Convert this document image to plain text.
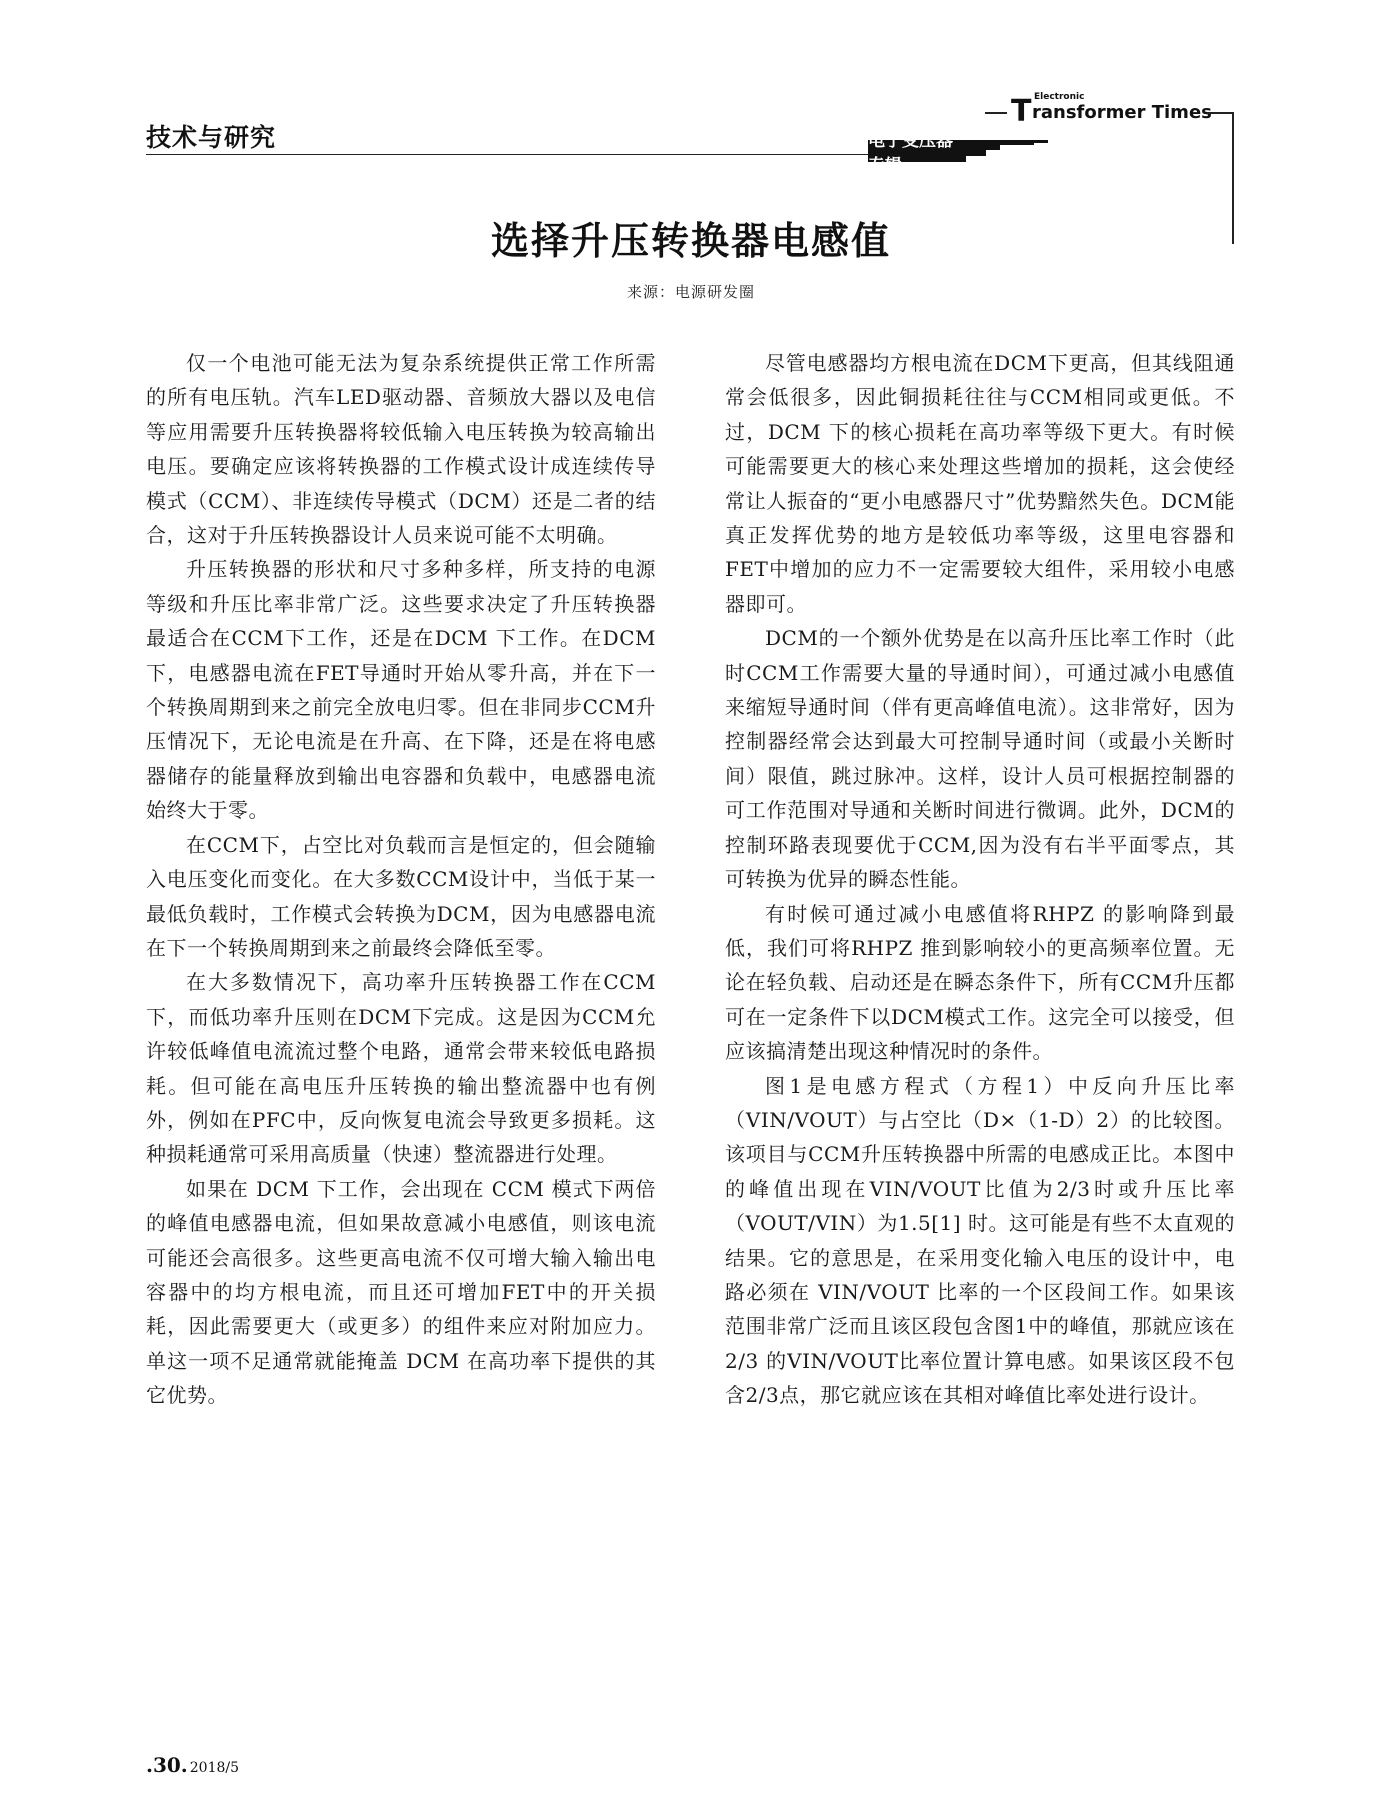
技术与研究
T Electronic
ransformer Times
电子变压器专辑
选择升压转换器电感值
来源：电源研发圈

仅一个电池可能无法为复杂系统提供正常工作所需的所有电压轨。汽车LED驱动器、音频放大器以及电信等应用需要升压转换器将较低输入电压转换为较高输出电压。要确定应该将转换器的工作模式设计成连续传导模式（CCM）、非连续传导模式（DCM）还是二者的结合，这对于升压转换器设计人员来说可能不太明确。

升压转换器的形状和尺寸多种多样，所支持的电源等级和升压比率非常广泛。这些要求决定了升压转换器最适合在CCM下工作，还是在DCM 下工作。在DCM下，电感器电流在FET导通时开始从零升高，并在下一个转换周期到来之前完全放电归零。但在非同步CCM升压情况下，无论电流是在升高、在下降，还是在将电感器储存的能量释放到输出电容器和负载中，电感器电流始终大于零。

在CCM下，占空比对负载而言是恒定的，但会随输入电压变化而变化。在大多数CCM设计中，当低于某一最低负载时，工作模式会转换为DCM，因为电感器电流在下一个转换周期到来之前最终会降低至零。

在大多数情况下，高功率升压转换器工作在CCM下，而低功率升压则在DCM下完成。这是因为CCM允许较低峰值电流流过整个电路，通常会带来较低电路损耗。但可能在高电压升压转换的输出整流器中也有例外，例如在PFC中，反向恢复电流会导致更多损耗。这种损耗通常可采用高质量（快速）整流器进行处理。

如果在 DCM 下工作，会出现在 CCM 模式下两倍的峰值电感器电流，但如果故意减小电感值，则该电流可能还会高很多。这些更高电流不仅可增大输入输出电容器中的均方根电流，而且还可增加FET中的开关损耗，因此需要更大（或更多）的组件来应对附加应力。单这一项不足通常就能掩盖 DCM 在高功率下提供的其它优势。

尽管电感器均方根电流在DCM下更高，但其线阻通常会低很多，因此铜损耗往往与CCM相同或更低。不过，DCM 下的核心损耗在高功率等级下更大。有时候可能需要更大的核心来处理这些增加的损耗，这会使经常让人振奋的“更小电感器尺寸”优势黯然失色。DCM能真正发挥优势的地方是较低功率等级，这里电容器和FET中增加的应力不一定需要较大组件，采用较小电感器即可。

DCM的一个额外优势是在以高升压比率工作时（此时CCM工作需要大量的导通时间），可通过减小电感值来缩短导通时间（伴有更高峰值电流）。这非常好，因为控制器经常会达到最大可控制导通时间（或最小关断时间）限值，跳过脉冲。这样，设计人员可根据控制器的可工作范围对导通和关断时间进行微调。此外，DCM的控制环路表现要优于CCM,因为没有右半平面零点，其可转换为优异的瞬态性能。

有时候可通过减小电感值将RHPZ 的影响降到最低，我们可将RHPZ 推到影响较小的更高频率位置。无论在轻负载、启动还是在瞬态条件下，所有CCM升压都可在一定条件下以DCM模式工作。这完全可以接受，但应该搞清楚出现这种情况时的条件。

图1是电感方程式（方程1）中反向升压比率（VIN/VOUT）与占空比（D×（1-D）2）的比较图。该项目与CCM升压转换器中所需的电感成正比。本图中的峰值出现在VIN/VOUT比值为2/3时或升压比率（VOUT/VIN）为1.5[1] 时。这可能是有些不太直观的结果。它的意思是，在采用变化输入电压的设计中，电路必须在 VIN/VOUT 比率的一个区段间工作。如果该范围非常广泛而且该区段包含图1中的峰值，那就应该在2/3 的VIN/VOUT比率位置计算电感。如果该区段不包含2/3点，那它就应该在其相对峰值比率处进行设计。

.30. 2018/5
